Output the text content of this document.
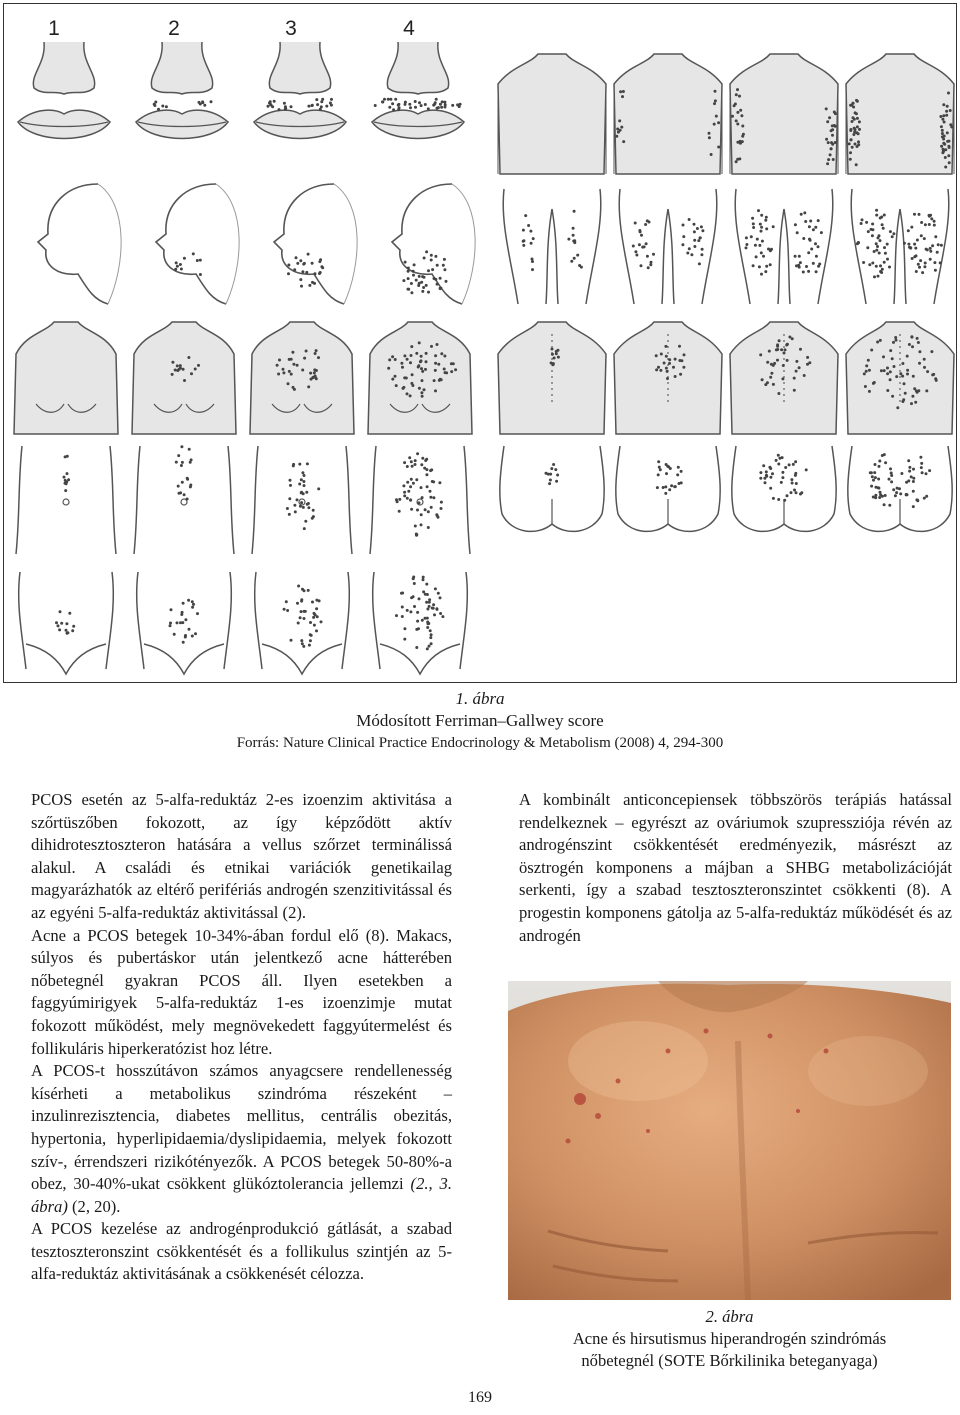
1	2	3	4
1. ábra
Módosított Ferriman–Gallwey score
Forrás: Nature Clinical Practice Endocrinology & Metabolism (2008) 4, 294-300

PCOS esetén az 5-alfa-reduktáz 2-es izoenzim aktivitása a szőrtüszőben fokozott, az így képződött aktív dihidrotesztoszteron hatására a vellus szőrzet terminálissá alakul. A családi és etnikai variációk genetikailag magyarázhatók az eltérő perifériás androgén szenzitivitással és az egyéni 5-alfa-reduktáz aktivitással (2).

Acne a PCOS betegek 10-34%-ában fordul elő (8). Makacs, súlyos és pubertáskor után jelentkező acne hátterében nőbetegnél gyakran PCOS áll. Ilyen esetekben a faggyúmirigyek 5-alfa-reduktáz 1-es izoenzimje mutat fokozott működést, mely megnövekedett faggyútermelést és follikuláris hiperkeratózist hoz létre.

A PCOS-t hosszútávon számos anyagcsere rendellenesség kísérheti a metabolikus szindróma részeként – inzulinrezisztencia, diabetes mellitus, centrális obezitás, hypertonia, hyperlipidaemia/dyslipidaemia, melyek fokozott szív-, érrendszeri rizikótényezők. A PCOS betegek 50-80%-a obez, 30-40%-ukat csökkent glükóztolerancia jellemzi (2., 3. ábra) (2, 20).

A PCOS kezelése az androgénprodukció gátlását, a szabad tesztoszteronszint csökkentését és a follikulus szintjén az 5-alfa-reduktáz aktivitásának a csökkenését célozza.

A kombinált anticoncepiensek többszörös terápiás hatással rendelkeznek – egyrészt az ováriumok szupressziója révén az androgénszint csökkentését eredményezik, másrészt az ösztrogén komponens a májban a SHBG metabolizációját serkenti, így a szabad tesztoszteronszintet csökkenti (8). A progestin komponens gátolja az 5-alfa-reduktáz működését és az androgén

2. ábra
Acne és hirsutismus hiperandrogén szindrómás
nőbetegnél (SOTE Bőrkilinika beteganyaga)
169
